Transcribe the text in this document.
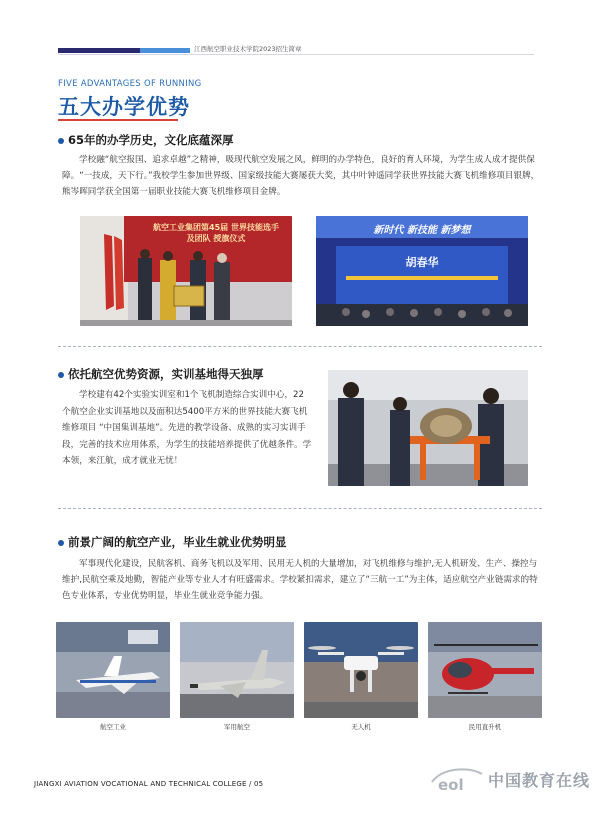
江西航空职业技术学院2023招生简章
FIVE ADVANTAGES OF RUNNING
五大办学优势
65年的办学历史，文化底蕴深厚
学校融“航空报国、追求卓越”之精神，吸现代航空发展之风，鲜明的办学特色，良好的育人环境，为学生成人成才提供保障。“一技成，天下行。”我校学生参加世界级、国家级技能大赛屡获大奖，其中叶钟遥同学获世界技能大赛飞机维修项目银牌，熊岑晖同学获全国第一届职业技能大赛飞机维修项目金牌。
航空工业集团第45届 世界技能选手及团队 授旗仪式
新时代 新技能 新梦想
胡春华
依托航空优势资源，实训基地得天独厚
学校建有42个实验实训室和1个飞机制造综合实训中心，22个航空企业实训基地以及面积达5400平方米的世界技能大赛飞机维修项目 “中国集训基地”。先进的教学设备、成熟的实习实训手段，完善的技术应用体系，为学生的技能培养提供了优越条件。学本领，来江航，成才就业无忧！
前景广阔的航空产业，毕业生就业优势明显
军事现代化建设，民航客机、商务飞机以及军用、民用无人机的大量增加，对飞机维修与维护,无人机研发、生产、操控与维护,民航空乘及地勤，智能产业等专业人才有旺盛需求。学校紧扣需求，建立了“三航一工”为主体，适应航空产业链需求的特色专业体系，专业优势明显，毕业生就业竞争能力强。
航空工业	军用航空	无人机	民用直升机
JIANGXI AVIATION VOCATIONAL AND TECHNICAL COLLEGE / 05	eol 中国教育在线
